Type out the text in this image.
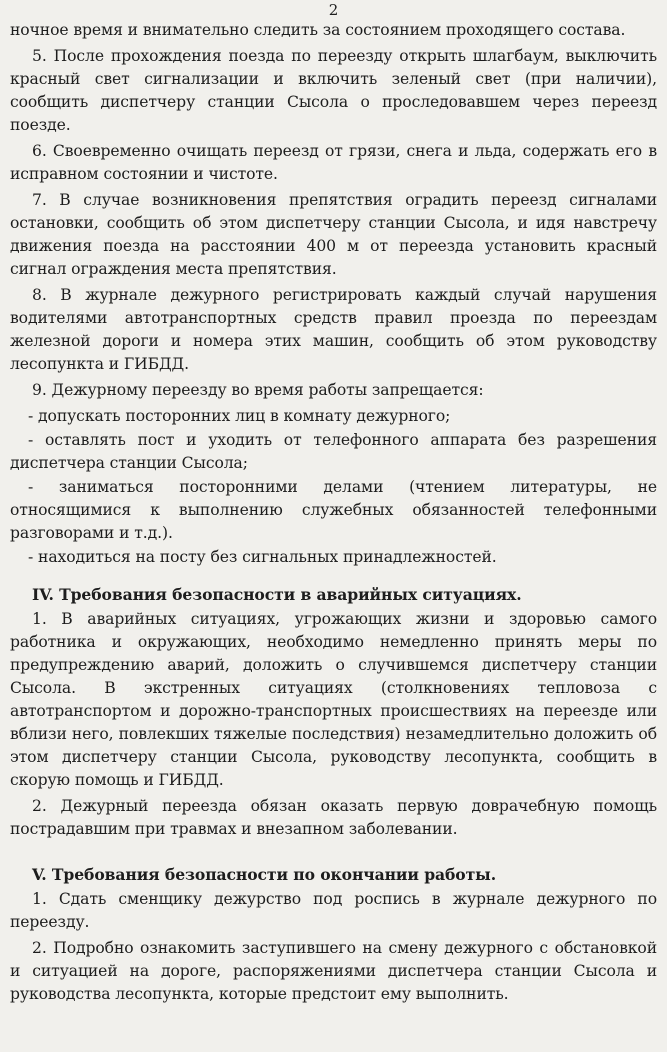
2

ночное время и внимательно следить за состоянием проходящего состава.

5. После прохождения поезда по переезду открыть шлагбаум, выключить красный свет сигнализации и включить зеленый свет (при наличии), сообщить диспетчеру станции Сысола о проследовавшем через переезд поезде.

6. Своевременно очищать переезд от грязи, снега и льда, содержать его в исправном состоянии и чистоте.

7. В случае возникновения препятствия оградить переезд сигналами остановки, сообщить об этом диспетчеру станции Сысола, и идя навстречу движения поезда на расстоянии 400 м от переезда установить красный сигнал ограждения места препятствия.

8. В журнале дежурного регистрировать каждый случай нарушения водителями автотранспортных средств правил проезда по переездам железной дороги и номера этих машин, сообщить об этом руководству лесопункта и ГИБДД.

9. Дежурному переезду во время работы запрещается:

- допускать посторонних лиц в комнату дежурного;

- оставлять пост и уходить от телефонного аппарата без разрешения диспетчера станции Сысола;

- заниматься посторонними делами (чтением литературы, не относящимися к выполнению служебных обязанностей телефонными разговорами и т.д.).

- находиться на посту без сигнальных принадлежностей.

IV. Требования безопасности в аварийных ситуациях.

1. В аварийных ситуациях, угрожающих жизни и здоровью самого работника и окружающих, необходимо немедленно принять меры по предупреждению аварий, доложить о случившемся диспетчеру станции Сысола. В экстренных ситуациях (столкновениях тепловоза с автотранспортом и дорожно-транспортных происшествиях на переезде или вблизи него, повлекших тяжелые последствия) незамедлительно доложить об этом диспетчеру станции Сысола, руководству лесопункта, сообщить в скорую помощь и ГИБДД.

2. Дежурный переезда обязан оказать первую доврачебную помощь пострадавшим при травмах и внезапном заболевании.

V. Требования безопасности по окончании работы.

1. Сдать сменщику дежурство под роспись в журнале дежурного по переезду.

2. Подробно ознакомить заступившего на смену дежурного с обстановкой и ситуацией на дороге, распоряжениями диспетчера станции Сысола и руководства лесопункта, которые предстоит ему выполнить.
